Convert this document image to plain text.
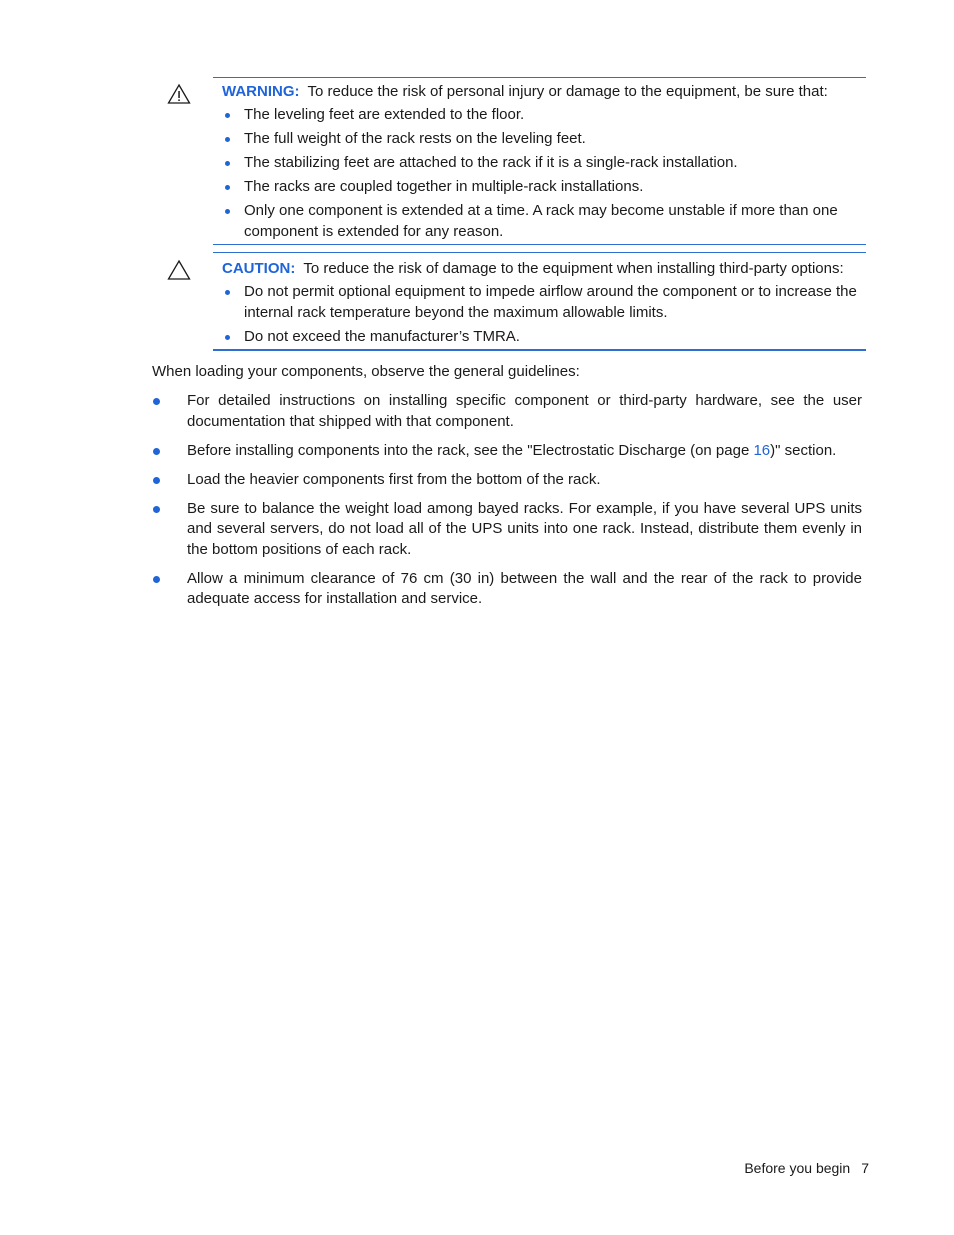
WARNING: To reduce the risk of personal injury or damage to the equipment, be sure that:
The leveling feet are extended to the floor.
The full weight of the rack rests on the leveling feet.
The stabilizing feet are attached to the rack if it is a single-rack installation.
The racks are coupled together in multiple-rack installations.
Only one component is extended at a time. A rack may become unstable if more than one component is extended for any reason.
CAUTION: To reduce the risk of damage to the equipment when installing third-party options:
Do not permit optional equipment to impede airflow around the component or to increase the internal rack temperature beyond the maximum allowable limits.
Do not exceed the manufacturer’s TMRA.
When loading your components, observe the general guidelines:
For detailed instructions on installing specific component or third-party hardware, see the user documentation that shipped with that component.
Before installing components into the rack, see the "Electrostatic Discharge (on page 16)" section.
Load the heavier components first from the bottom of the rack.
Be sure to balance the weight load among bayed racks. For example, if you have several UPS units and several servers, do not load all of the UPS units into one rack. Instead, distribute them evenly in the bottom positions of each rack.
Allow a minimum clearance of 76 cm (30 in) between the wall and the rear of the rack to provide adequate access for installation and service.
Before you begin 7
